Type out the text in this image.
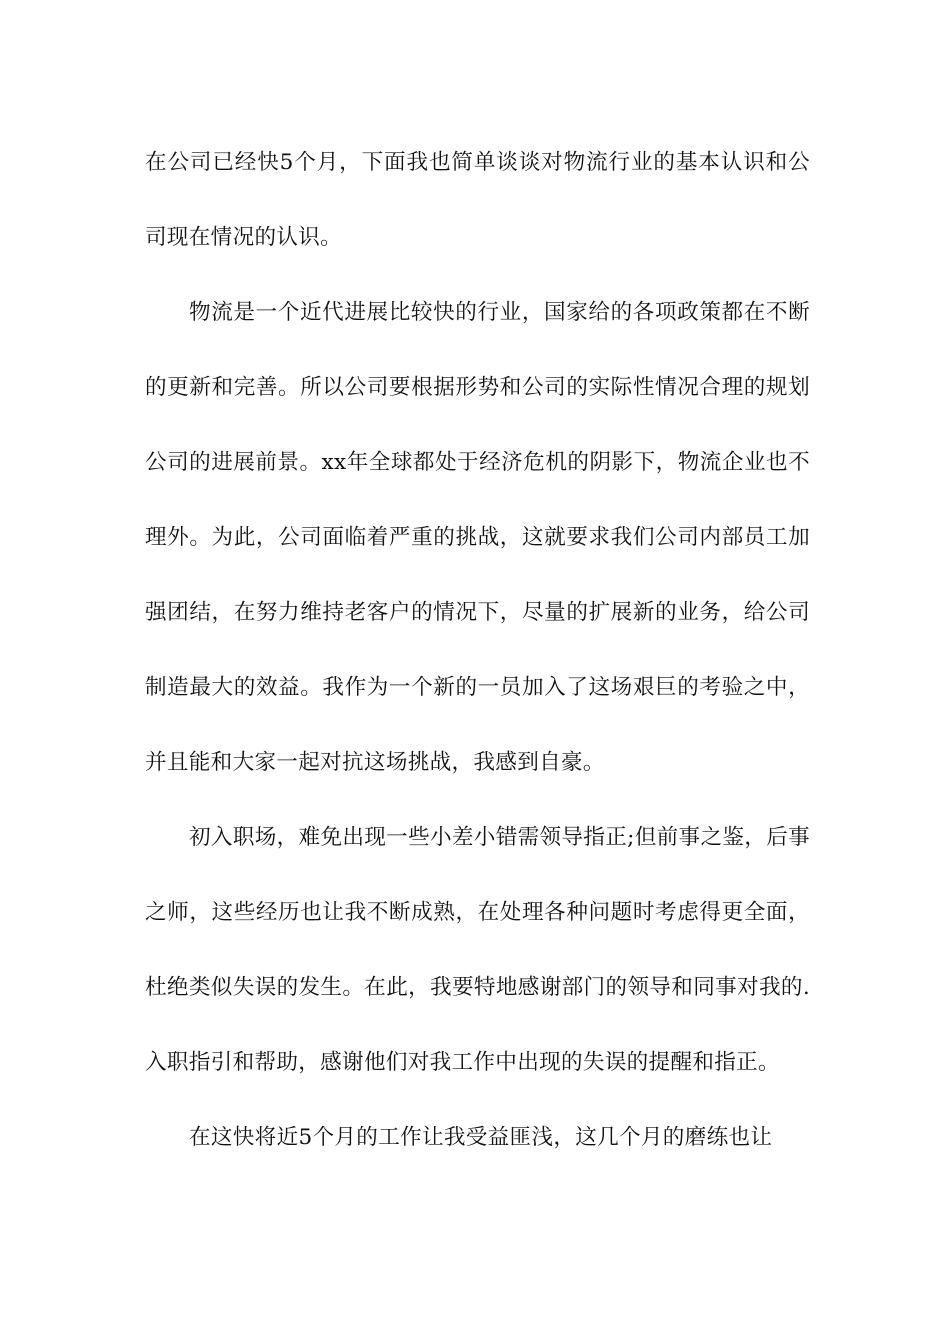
在公司已经快5个月，下面我也简单谈谈对物流行业的基本认识和公司现在情况的认识。

物流是一个近代进展比较快的行业，国家给的各项政策都在不断的更新和完善。所以公司要根据形势和公司的实际性情况合理的规划公司的进展前景。xx年全球都处于经济危机的阴影下，物流企业也不理外。为此，公司面临着严重的挑战，这就要求我们公司内部员工加强团结，在努力维持老客户的情况下，尽量的扩展新的业务，给公司制造最大的效益。我作为一个新的一员加入了这场艰巨的考验之中，并且能和大家一起对抗这场挑战，我感到自豪。

初入职场，难免出现一些小差小错需领导指正;但前事之鉴，后事之师，这些经历也让我不断成熟，在处理各种问题时考虑得更全面，杜绝类似失误的发生。在此，我要特地感谢部门的领导和同事对我的.入职指引和帮助，感谢他们对我工作中出现的失误的提醒和指正。

在这快将近5个月的工作让我受益匪浅，这几个月的磨练也让
